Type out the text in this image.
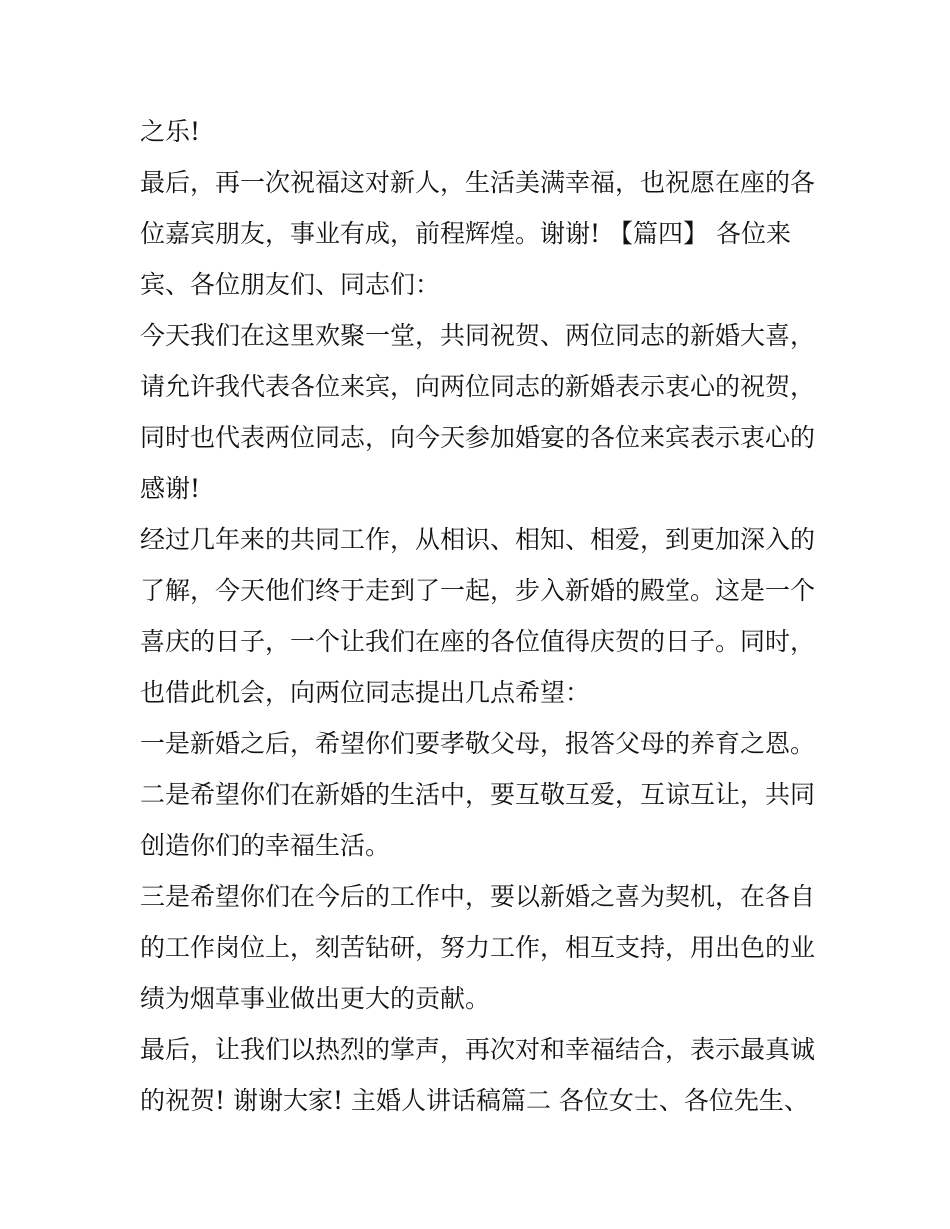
之乐!
最后，再一次祝福这对新人，生活美满幸福，也祝愿在座的各
位嘉宾朋友，事业有成，前程辉煌。谢谢! 【篇四】 各位来
宾、各位朋友们、同志们：
今天我们在这里欢聚一堂，共同祝贺、两位同志的新婚大喜，
请允许我代表各位来宾，向两位同志的新婚表示衷心的祝贺，
同时也代表两位同志，向今天参加婚宴的各位来宾表示衷心的
感谢!
经过几年来的共同工作，从相识、相知、相爱，到更加深入的
了解，今天他们终于走到了一起，步入新婚的殿堂。这是一个
喜庆的日子，一个让我们在座的各位值得庆贺的日子。同时，
也借此机会，向两位同志提出几点希望：
一是新婚之后，希望你们要孝敬父母，报答父母的养育之恩。
二是希望你们在新婚的生活中，要互敬互爱，互谅互让，共同
创造你们的幸福生活。
三是希望你们在今后的工作中，要以新婚之喜为契机，在各自
的工作岗位上，刻苦钻研，努力工作，相互支持，用出色的业
绩为烟草事业做出更大的贡献。
最后，让我们以热烈的掌声，再次对和幸福结合，表示最真诚
的祝贺! 谢谢大家! 主婚人讲话稿篇二 各位女士、各位先生、
